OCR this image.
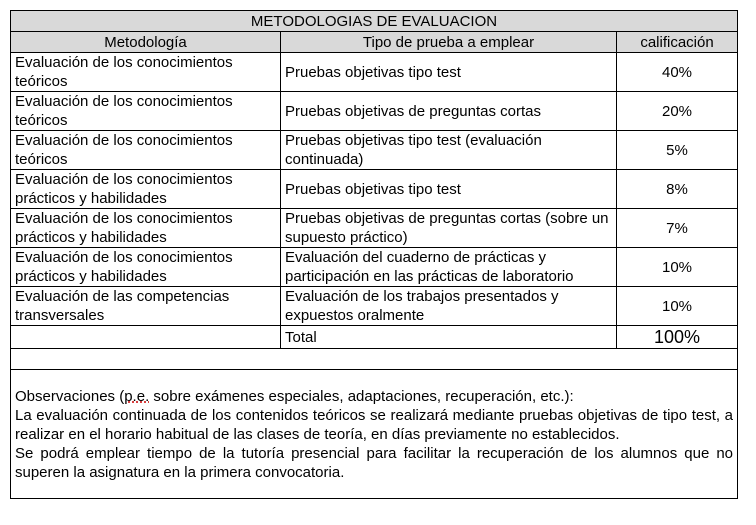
METODOLOGIAS DE EVALUACION		
Metodología	Tipo de prueba a emplear	calificación
Evaluación de los conocimientos teóricos	Pruebas objetivas tipo test	40%
Evaluación de los conocimientos teóricos	Pruebas objetivas de preguntas cortas	20%
Evaluación de los conocimientos teóricos	Pruebas objetivas tipo test (evaluación continuada)	5%
Evaluación de los conocimientos prácticos y habilidades	Pruebas objetivas tipo test	8%
Evaluación de los conocimientos prácticos y habilidades	Pruebas objetivas de preguntas cortas (sobre un supuesto práctico)	7%
Evaluación de los conocimientos prácticos y habilidades	Evaluación del cuaderno de prácticas y participación en las prácticas de laboratorio	10%
Evaluación de las competencias transversales	Evaluación de los trabajos presentados y expuestos oralmente	10%
	Total	100%

Observaciones (p.e. sobre exámenes especiales, adaptaciones, recuperación, etc.):

La evaluación continuada de los contenidos teóricos se realizará mediante pruebas objetivas de tipo test, a realizar en el horario habitual de las clases de teoría, en días previamente no establecidos.

Se podrá emplear tiempo de la tutoría presencial para facilitar la recuperación de los alumnos que no superen la asignatura en la primera convocatoria.		
